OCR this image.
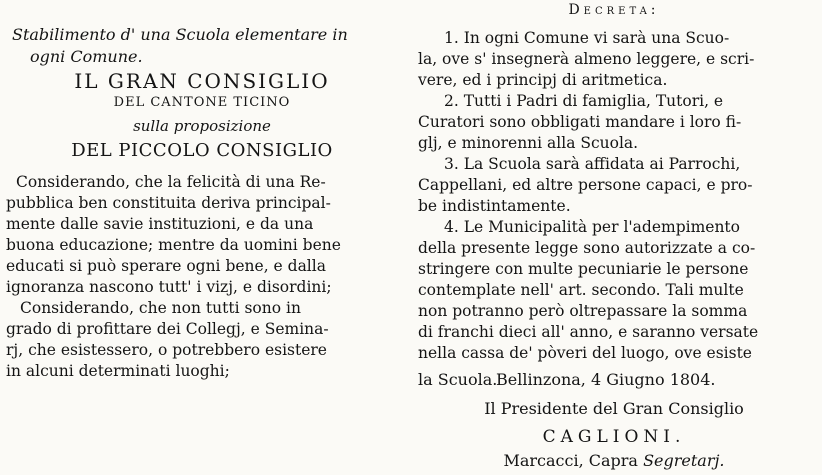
Stabilimento d' una Scuola elementare in

ogni Comune.

IL GRAN CONSIGLIO

DEL CANTONE TICINO

sulla proposizione

DEL PICCOLO CONSIGLIO

Considerando, che la felicità di una Re-

pubblica ben constituita deriva principal-

mente dalle savie instituzioni, e da una

buona educazione; mentre da uomini bene

educati si può sperare ogni bene, e dalla

ignoranza nascono tutt' i vizj, e disordini;

Considerando, che non tutti sono in

grado di profittare dei Collegj, e Semina-

rj, che esistessero, o potrebbero esistere

in alcuni determinati luoghi;

Decreta:

1. In ogni Comune vi sarà una Scuo-

la, ove s' insegnerà almeno leggere, e scri-

vere, ed i principj di aritmetica.

2. Tutti i Padri di famiglia, Tutori, e

Curatori sono obbligati mandare i loro fi-

glj, e minorenni alla Scuola.

3. La Scuola sarà affidata ai Parrochi,

Cappellani, ed altre persone capaci, e pro-

be indistintamente.

4. Le Municipalità per l'adempimento

della presente legge sono autorizzate a co-

stringere con multe pecuniarie le persone

contemplate nell' art. secondo. Tali multe

non potranno però oltrepassare la somma

di franchi dieci all' anno, e saranno versate

nella cassa de' pòveri del luogo, ove esiste

la Scuola.
Bellinzona, 4 Giugno 1804.

Il Presidente del Gran Consiglio

CAGLIONI.

Marcacci, Capra Segretarj.
